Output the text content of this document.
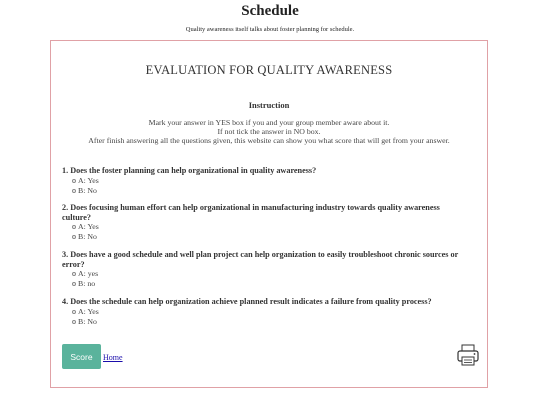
Schedule
Quality awareness itself talks about foster planning for schedule.
EVALUATION FOR QUALITY AWARENESS
Instruction
Mark your answer in YES box if you and your group member aware about it.
If not tick the answer in NO box.
After finish answering all the questions given, this website can show you what score that will get from your answer.
1. Does the foster planning can help organizational in quality awareness?
A: Yes
B: No
2. Does focusing human effort can help organizational in manufacturing industry towards quality awareness culture?
A: Yes
B: No
3. Does have a good schedule and well plan project can help organization to easily troubleshoot chronic sources or error?
A: yes
B: no
4. Does the schedule can help organization achieve planned result indicates a failure from quality process?
A: Yes
B: No
Score	Home
